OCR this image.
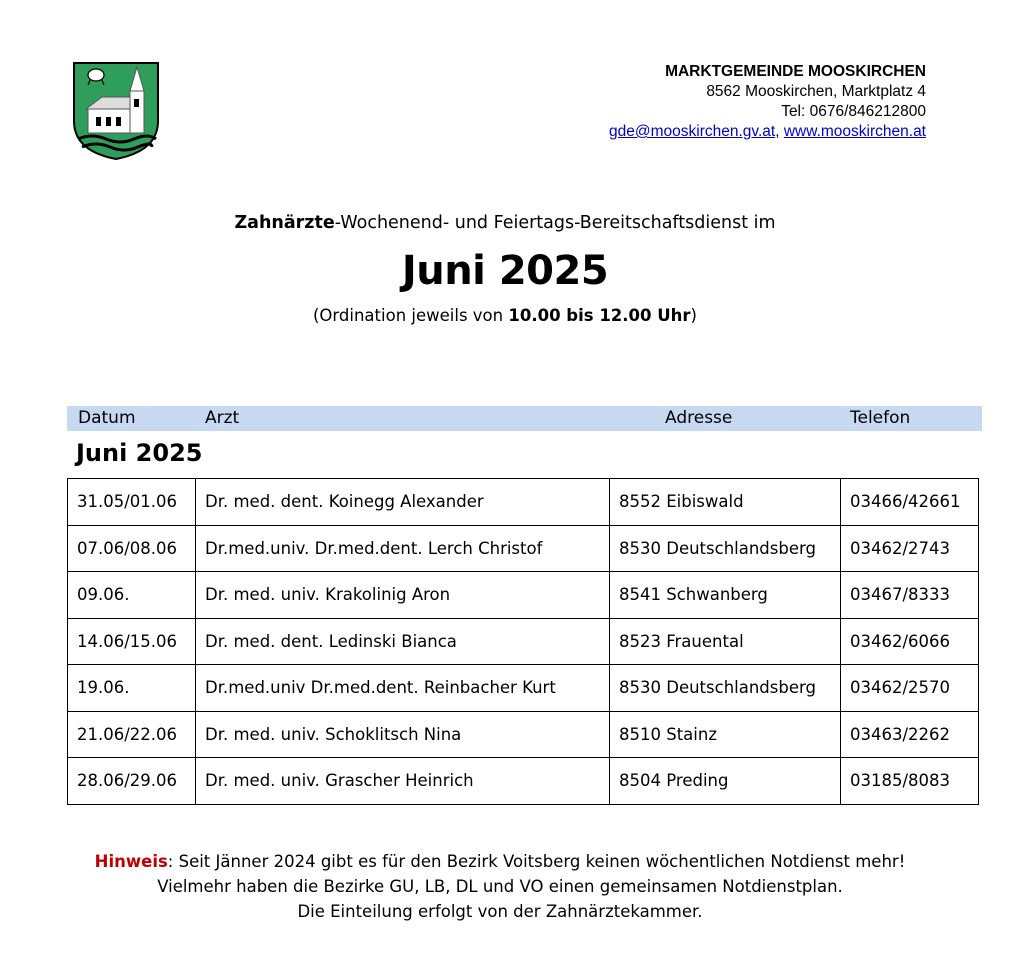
MARKTGEMEINDE MOOSKIRCHEN
8562 Mooskirchen, Marktplatz 4
Tel: 0676/846212800
gde@mooskirchen.gv.at, www.mooskirchen.at
Zahnärzte-Wochenend- und Feiertags-Bereitschaftsdienst im
Juni 2025
(Ordination jeweils von 10.00 bis 12.00 Uhr)
Datum	Arzt	Adresse	Telefon
Juni 2025
31.05/01.06	Dr. med. dent. Koinegg Alexander	8552 Eibiswald	03466/42661
07.06/08.06	Dr.med.univ. Dr.med.dent. Lerch Christof	8530 Deutschlandsberg	03462/2743
09.06.	Dr. med. univ. Krakolinig Aron	8541 Schwanberg	03467/8333
14.06/15.06	Dr. med. dent. Ledinski Bianca	8523 Frauental	03462/6066
19.06.	Dr.med.univ Dr.med.dent. Reinbacher Kurt	8530 Deutschlandsberg	03462/2570
21.06/22.06	Dr. med. univ. Schoklitsch Nina	8510 Stainz	03463/2262
28.06/29.06	Dr. med. univ. Grascher Heinrich	8504 Preding	03185/8083
Hinweis: Seit Jänner 2024 gibt es für den Bezirk Voitsberg keinen wöchentlichen Notdienst mehr!
Vielmehr haben die Bezirke GU, LB, DL und VO einen gemeinsamen Notdienstplan.
Die Einteilung erfolgt von der Zahnärztekammer.
